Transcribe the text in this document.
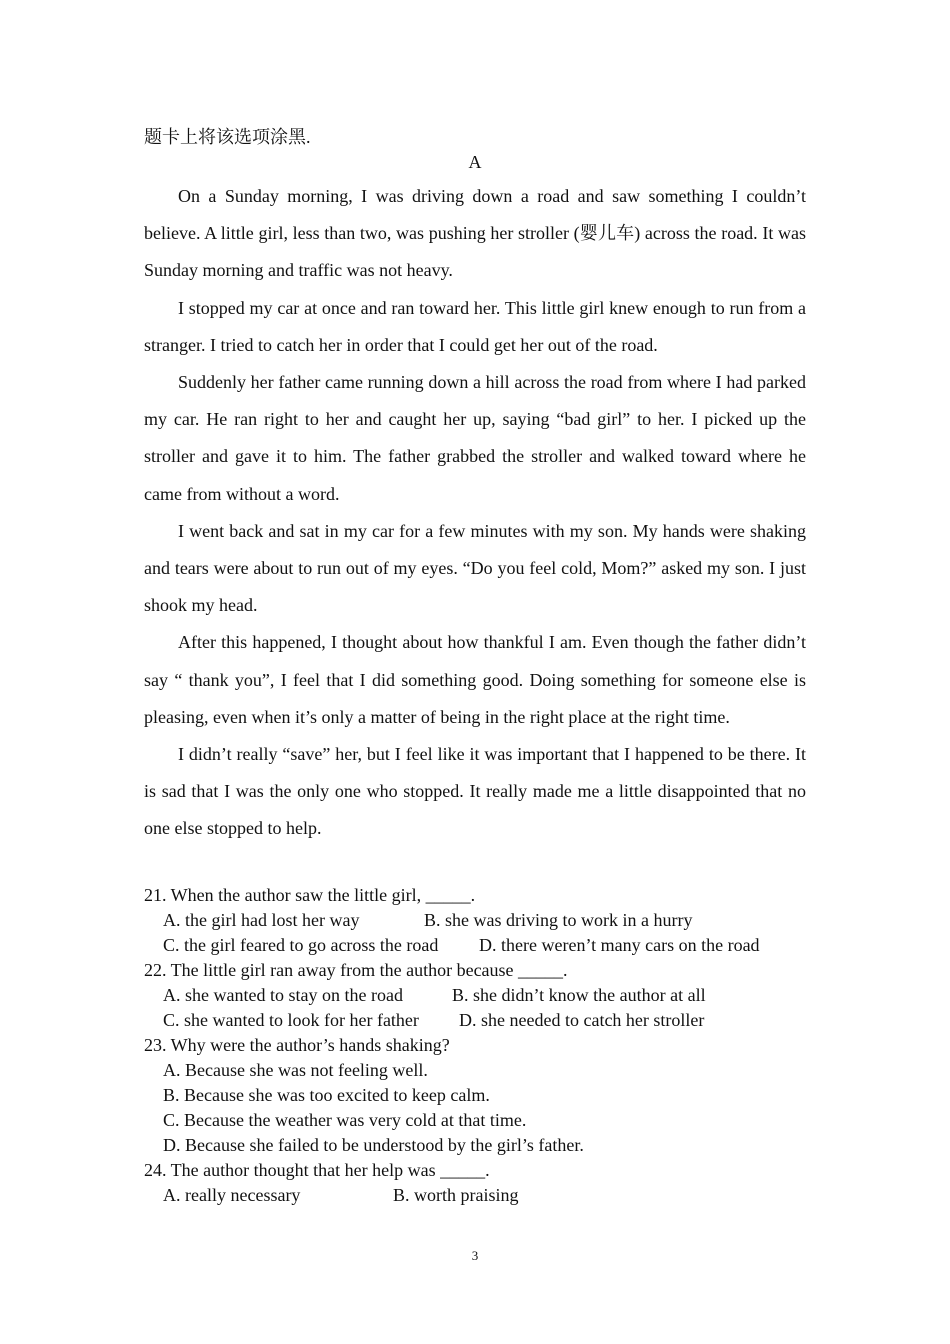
题卡上将该选项涂黑.
A

On a Sunday morning, I was driving down a road and saw something I couldn’t believe. A little girl, less than two, was pushing her stroller (婴儿车) across the road. It was Sunday morning and traffic was not heavy.

I stopped my car at once and ran toward her. This little girl knew enough to run from a stranger. I tried to catch her in order that I could get her out of the road.

Suddenly her father came running down a hill across the road from where I had parked my car. He ran right to her and caught her up, saying “bad girl” to her. I picked up the stroller and gave it to him. The father grabbed the stroller and walked toward where he came from without a word.

I went back and sat in my car for a few minutes with my son. My hands were shaking and tears were about to run out of my eyes. “Do you feel cold, Mom?” asked my son. I just shook my head.

After this happened, I thought about how thankful I am. Even though the father didn’t say “ thank you”, I feel that I did something good. Doing something for someone else is pleasing, even when it’s only a matter of being in the right place at the right time.

I didn’t really “save” her, but I feel like it was important that I happened to be there. It is sad that I was the only one who stopped. It really made me a little disappointed that no one else stopped to help.

21. When the author saw the little girl, _____.

A. the girl had lost her way	B. she was driving to work in a hurry

C. the girl feared to go across the road D. there weren’t many cars on the road

22. The little girl ran away from the author because _____.

A. she wanted to stay on the road	B. she didn’t know the author at all

C. she wanted to look for her father D. she needed to catch her stroller

23. Why were the author’s hands shaking?

A. Because she was not feeling well.

B. Because she was too excited to keep calm.

C. Because the weather was very cold at that time.

D. Because she failed to be understood by the girl’s father.

24. The author thought that her help was _____.

A. really necessary	B. worth praising

3
